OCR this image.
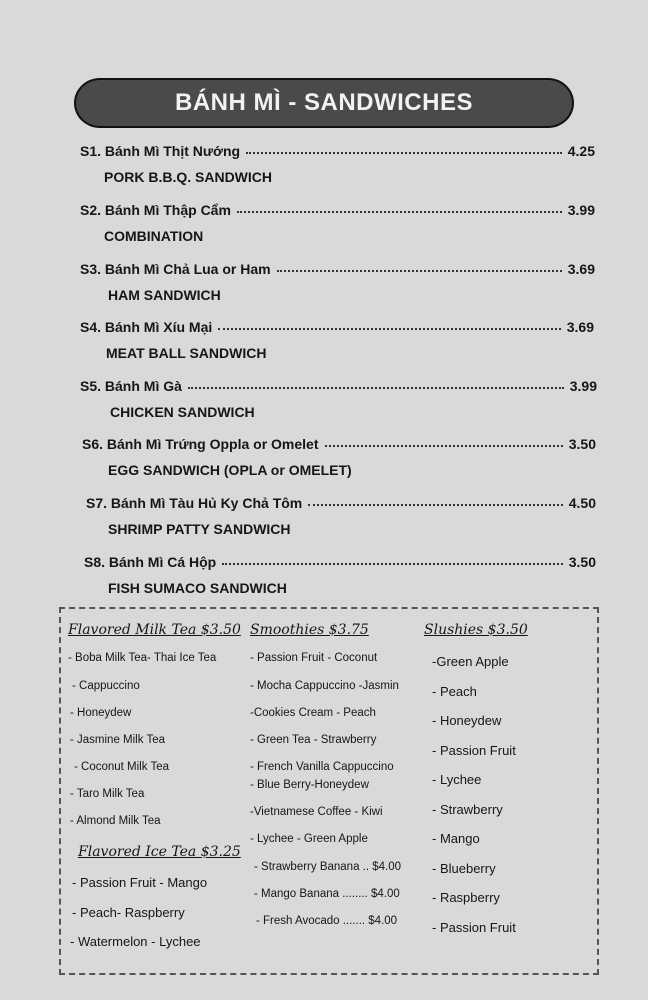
BÁNH MÌ - SANDWICHES
S1. Bánh Mì Thịt Nướng	4.25
PORK B.B.Q. SANDWICH
S2. Bánh Mì Thập Cẩm	3.99
COMBINATION
S3. Bánh Mì Chả Lua or Ham	3.69
HAM SANDWICH
S4. Bánh Mì Xíu Mại	3.69
MEAT BALL SANDWICH
S5. Bánh Mì Gà	3.99
CHICKEN SANDWICH
S6. Bánh Mì Trứng Oppla or Omelet	3.50
EGG SANDWICH (OPLA or OMELET)
S7. Bánh Mì Tàu Hủ Ky Chả Tôm	4.50
SHRIMP PATTY SANDWICH
S8. Bánh Mì Cá Hộp	3.50
FISH SUMACO SANDWICH
Flavored Milk Tea $3.50
- Boba Milk Tea- Thai Ice Tea
- Cappuccino
- Honeydew
- Jasmine Milk Tea
- Coconut Milk Tea
- Taro Milk Tea
- Almond Milk Tea
Flavored Ice Tea $3.25
- Passion Fruit - Mango
- Peach- Raspberry
- Watermelon - Lychee
Smoothies $3.75
- Passion Fruit - Coconut
- Mocha Cappuccino -Jasmin
-Cookies Cream - Peach
- Green Tea - Strawberry
- French Vanilla Cappuccino
- Blue Berry-Honeydew
-Vietnamese Coffee - Kiwi
- Lychee - Green Apple
- Strawberry Banana .. $4.00
- Mango Banana ........ $4.00
- Fresh Avocado ....... $4.00
Slushies $3.50
-Green Apple
- Peach
- Honeydew
- Passion Fruit
- Lychee
- Strawberry
- Mango
- Blueberry
- Raspberry
- Passion Fruit
